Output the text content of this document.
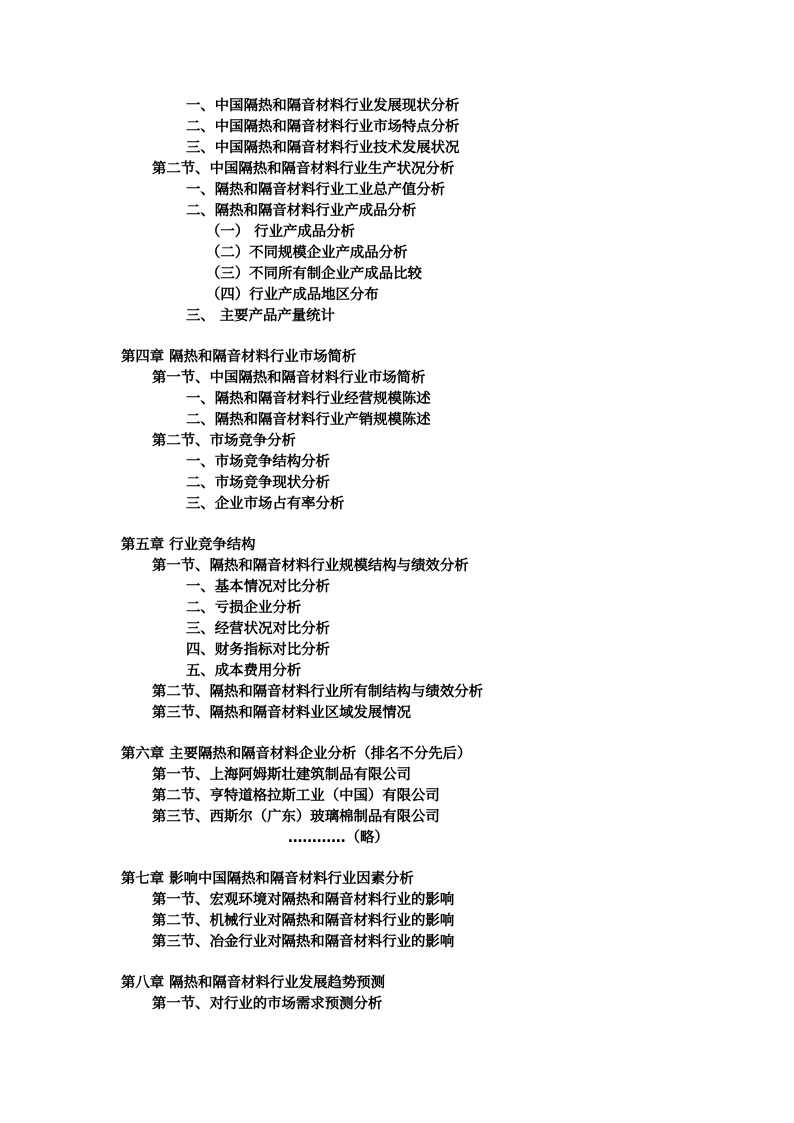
一、中国隔热和隔音材料行业发展现状分析
二、中国隔热和隔音材料行业市场特点分析
三、中国隔热和隔音材料行业技术发展状况
第二节、中国隔热和隔音材料行业生产状况分析
一、隔热和隔音材料行业工业总产值分析
二、隔热和隔音材料行业产成品分析
（一） 行业产成品分析
（二）不同规模企业产成品分析
（三）不同所有制企业产成品比较
（四）行业产成品地区分布
三、 主要产品产量统计
第四章 隔热和隔音材料行业市场简析
第一节、中国隔热和隔音材料行业市场简析
一、隔热和隔音材料行业经营规模陈述
二、隔热和隔音材料行业产销规模陈述
第二节、市场竞争分析
一、市场竞争结构分析
二、市场竞争现状分析
三、企业市场占有率分析
第五章 行业竞争结构
第一节、隔热和隔音材料行业规模结构与绩效分析
一、基本情况对比分析
二、亏损企业分析
三、经营状况对比分析
四、财务指标对比分析
五、成本费用分析
第二节、隔热和隔音材料行业所有制结构与绩效分析
第三节、隔热和隔音材料业区域发展情况
第六章 主要隔热和隔音材料企业分析（排名不分先后）
第一节、上海阿姆斯壮建筑制品有限公司
第二节、亨特道格拉斯工业（中国）有限公司
第三节、西斯尔（广东）玻璃棉制品有限公司
…………（略）
第七章 影响中国隔热和隔音材料行业因素分析
第一节、宏观环境对隔热和隔音材料行业的影响
第二节、机械行业对隔热和隔音材料行业的影响
第三节、冶金行业对隔热和隔音材料行业的影响
第八章 隔热和隔音材料行业发展趋势预测
第一节、对行业的市场需求预测分析
